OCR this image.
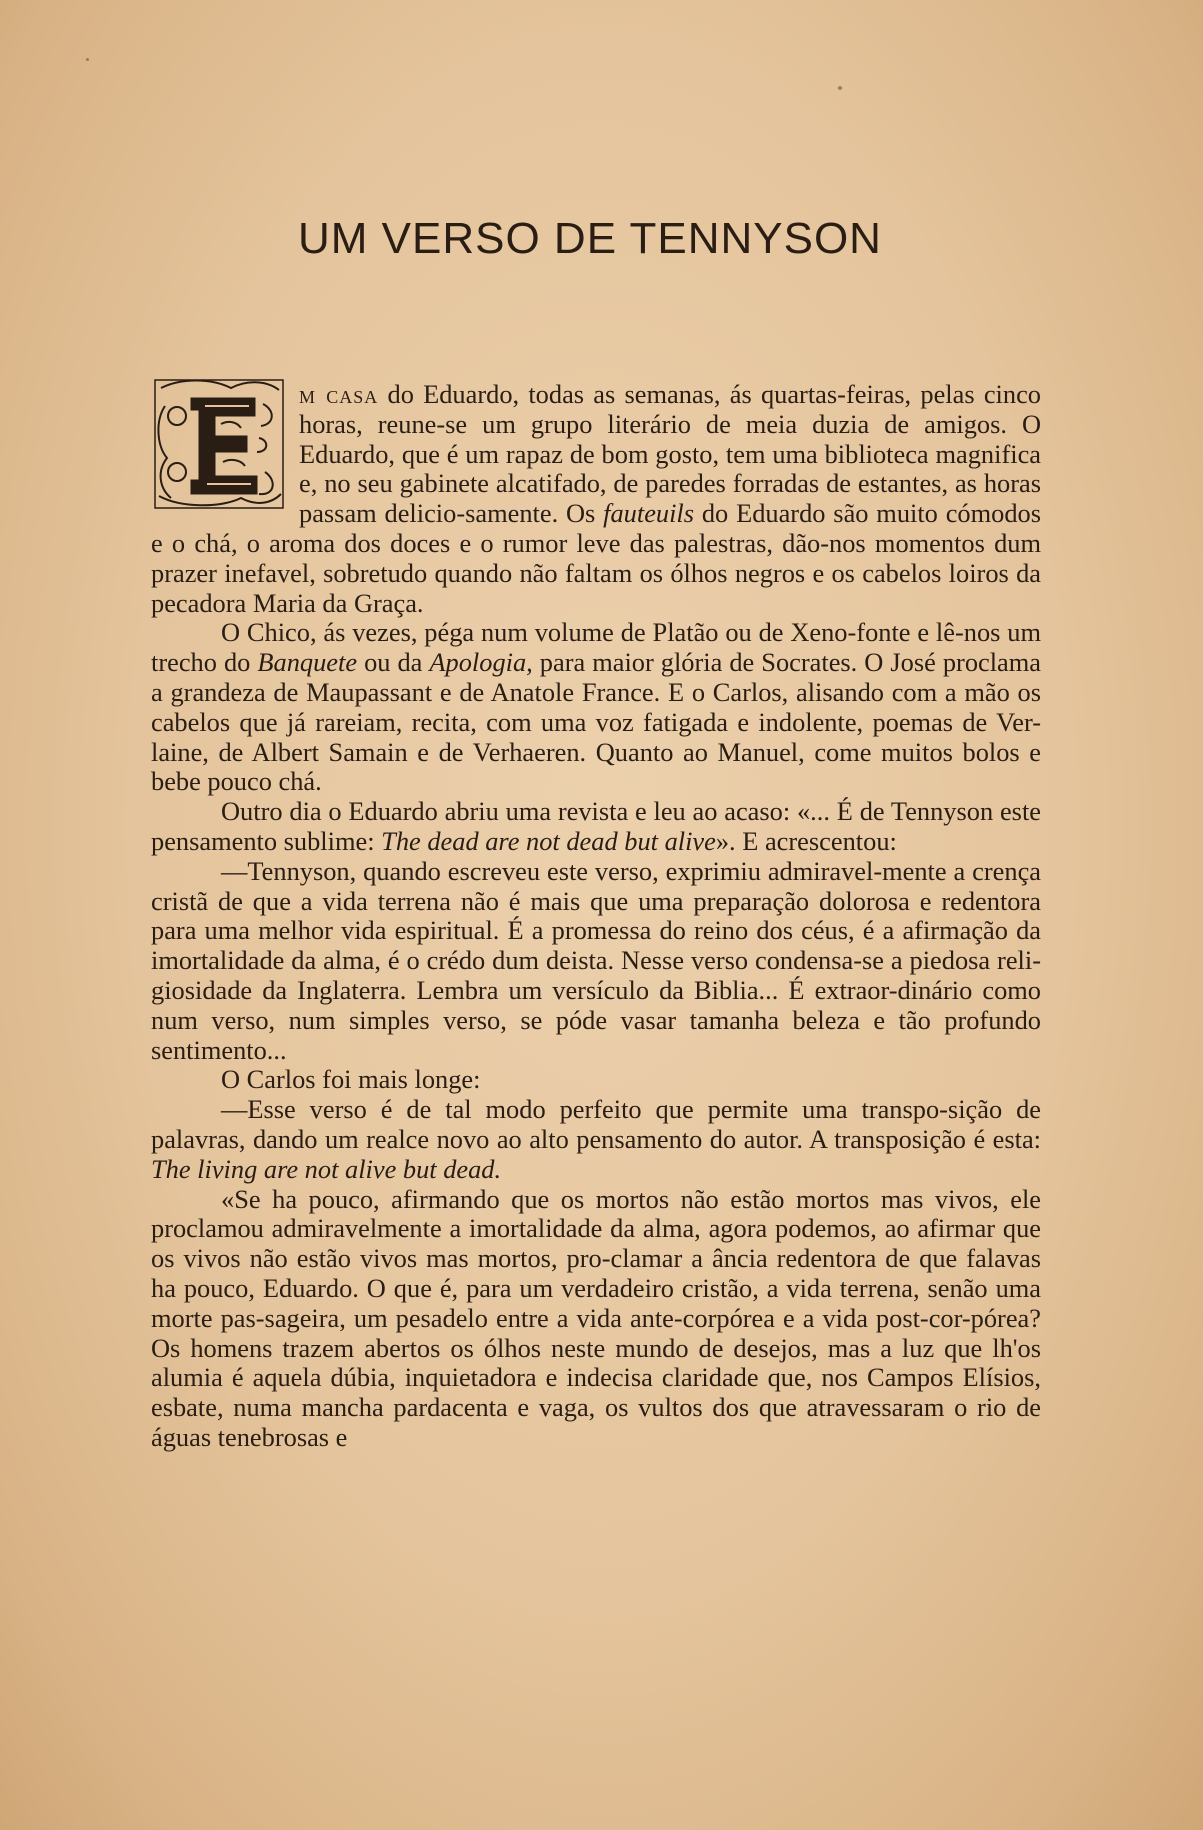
UM VERSO DE TENNYSON

m casa do Eduardo, todas as semanas, ás quartas-feiras, pelas cinco horas, reune-se um grupo literário de meia duzia de amigos. O Eduardo, que é um rapaz de bom gosto, tem uma biblioteca magnifica e, no seu gabinete alcatifado, de paredes forradas de estantes, as horas passam delicio-samente. Os fauteuils do Eduardo são muito cómodos e o chá, o aroma dos doces e o rumor leve das palestras, dão-nos momentos dum prazer inefavel, sobretudo quando não faltam os ólhos negros e os cabelos loiros da pecadora Maria da Graça.

O Chico, ás vezes, péga num volume de Platão ou de Xeno-fonte e lê-nos um trecho do Banquete ou da Apologia, para maior glória de Socrates. O José proclama a grandeza de Maupassant e de Anatole France. E o Carlos, alisando com a mão os cabelos que já rareiam, recita, com uma voz fatigada e indolente, poemas de Ver-laine, de Albert Samain e de Verhaeren. Quanto ao Manuel, come muitos bolos e bebe pouco chá.

Outro dia o Eduardo abriu uma revista e leu ao acaso: «... É de Tennyson este pensamento sublime: The dead are not dead but alive». E acrescentou:

—Tennyson, quando escreveu este verso, exprimiu admiravel-mente a crença cristã de que a vida terrena não é mais que uma preparação dolorosa e redentora para uma melhor vida espiritual. É a promessa do reino dos céus, é a afirmação da imortalidade da alma, é o crédo dum deista. Nesse verso condensa-se a piedosa reli-giosidade da Inglaterra. Lembra um versículo da Biblia... É extraor-dinário como num verso, num simples verso, se póde vasar tamanha beleza e tão profundo sentimento...

O Carlos foi mais longe:

—Esse verso é de tal modo perfeito que permite uma transpo-sição de palavras, dando um realce novo ao alto pensamento do autor. A transposição é esta: The living are not alive but dead.

«Se ha pouco, afirmando que os mortos não estão mortos mas vivos, ele proclamou admiravelmente a imortalidade da alma, agora podemos, ao afirmar que os vivos não estão vivos mas mortos, pro-clamar a ância redentora de que falavas ha pouco, Eduardo. O que é, para um verdadeiro cristão, a vida terrena, senão uma morte pas-sageira, um pesadelo entre a vida ante-corpórea e a vida post-cor-pórea? Os homens trazem abertos os ólhos neste mundo de desejos, mas a luz que lh'os alumia é aquela dúbia, inquietadora e indecisa claridade que, nos Campos Elísios, esbate, numa mancha pardacenta e vaga, os vultos dos que atravessaram o rio de águas tenebrosas e
